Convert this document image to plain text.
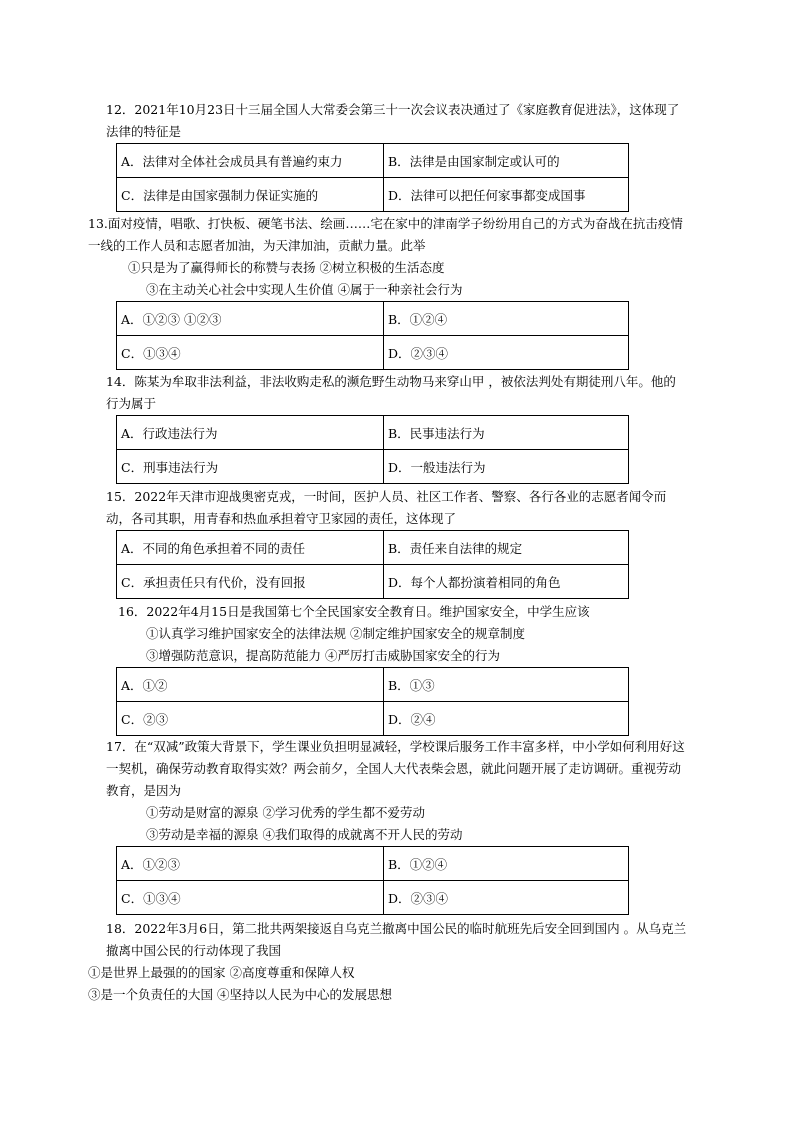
12．2021年10月23日十三届全国人大常委会第三十一次会议表决通过了《家庭教育促进法》，这体现了法律的特征是
A．法律对全体社会成员具有普遍约束力	B．法律是由国家制定或认可的
C．法律是由国家强制力保证实施的	D．法律可以把任何家事都变成国事
13.面对疫情，唱歌、打快板、硬笔书法、绘画……宅在家中的津南学子纷纷用自己的方式为奋战在抗击疫情一线的工作人员和志愿者加油，为天津加油，贡献力量。此举
①只是为了赢得师长的称赞与表扬 ②树立积极的生活态度
③在主动关心社会中实现人生价值 ④属于一种亲社会行为
A．①②③ ①②③	B．①②④
C．①③④	D．②③④
14．陈某为牟取非法利益，非法收购走私的濒危野生动物马来穿山甲 ，被依法判处有期徒刑八年。他的行为属于
A．行政违法行为	B．民事违法行为
C．刑事违法行为	D．一般违法行为
15．2022年天津市迎战奥密克戎，一时间，医护人员、社区工作者、警察、各行各业的志愿者闻令而动，各司其职，用青春和热血承担着守卫家园的责任，这体现了
A．不同的角色承担着不同的责任	B．责任来自法律的规定
C．承担责任只有代价，没有回报	D．每个人都扮演着相同的角色
16．2022年4月15日是我国第七个全民国家安全教育日。维护国家安全，中学生应该
①认真学习维护国家安全的法律法规 ②制定维护国家安全的规章制度
③增强防范意识，提高防范能力 ④严厉打击威胁国家安全的行为
A．①②	B．①③
C．②③	D．②④
17．在“双减”政策大背景下，学生课业负担明显减轻，学校课后服务工作丰富多样，中小学如何利用好这一契机，确保劳动教育取得实效？两会前夕，全国人大代表柴会恩，就此问题开展了走访调研。重视劳动教育，是因为
①劳动是财富的源泉 ②学习优秀的学生都不爱劳动
③劳动是幸福的源泉 ④我们取得的成就离不开人民的劳动
A．①②③	B．①②④
C．①③④	D．②③④
18．2022年3月6日，第二批共两架接返自乌克兰撤离中国公民的临时航班先后安全回到国内 。从乌克兰撤离中国公民的行动体现了我国
①是世界上最强的的国家 ②高度尊重和保障人权
③是一个负责任的大国 ④坚持以人民为中心的发展思想
